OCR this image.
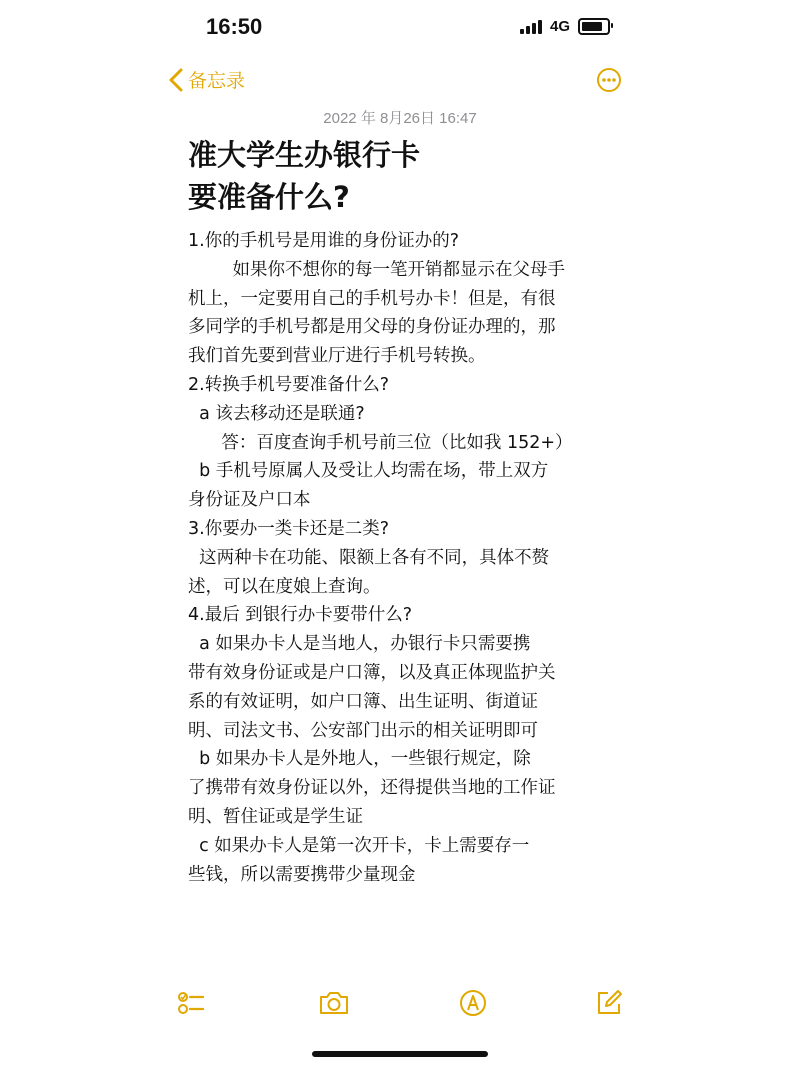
16:50	4G
备忘录
2022 年 8月26日 16:47
准大学生办银行卡
要准备什么?
1.你的手机号是用谁的身份证办的?
如果你不想你的每一笔开销都显示在父母手
机上，一定要用自己的手机号办卡！但是，有很
多同学的手机号都是用父母的身份证办理的，那
我们首先要到营业厅进行手机号转换。
2.转换手机号要准备什么?
a 该去移动还是联通?
答：百度查询手机号前三位（比如我 152+）
b 手机号原属人及受让人均需在场，带上双方
身份证及户口本
3.你要办一类卡还是二类?
这两种卡在功能、限额上各有不同，具体不赘
述，可以在度娘上查询。
4.最后 到银行办卡要带什么?
a 如果办卡人是当地人，办银行卡只需要携
带有效身份证或是户口簿，以及真正体现监护关
系的有效证明，如户口簿、出生证明、街道证
明、司法文书、公安部门出示的相关证明即可
b 如果办卡人是外地人，一些银行规定，除
了携带有效身份证以外，还得提供当地的工作证
明、暂住证或是学生证
c 如果办卡人是第一次开卡，卡上需要存一
些钱，所以需要携带少量现金
